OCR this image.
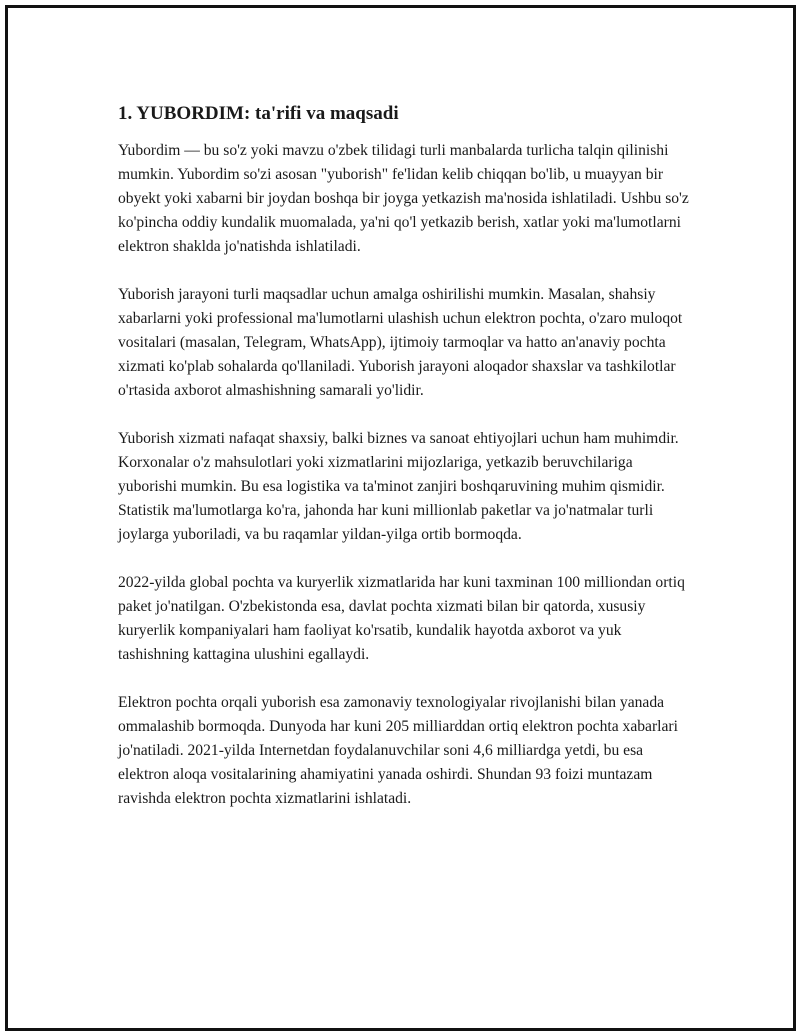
1. YUBORDIM: ta'rifi va maqsadi

Yubordim — bu so'z yoki mavzu o'zbek tilidagi turli manbalarda turlicha talqin qilinishi mumkin. Yubordim so'zi asosan "yuborish" fe'lidan kelib chiqqan bo'lib, u muayyan bir obyekt yoki xabarni bir joydan boshqa bir joyga yetkazish ma'nosida ishlatiladi. Ushbu so'z ko'pincha oddiy kundalik muomalada, ya'ni qo'l yetkazib berish, xatlar yoki ma'lumotlarni elektron shaklda jo'natishda ishlatiladi.

Yuborish jarayoni turli maqsadlar uchun amalga oshirilishi mumkin. Masalan, shahsiy xabarlarni yoki professional ma'lumotlarni ulashish uchun elektron pochta, o'zaro muloqot vositalari (masalan, Telegram, WhatsApp), ijtimoiy tarmoqlar va hatto an'anaviy pochta xizmati ko'plab sohalarda qo'llaniladi. Yuborish jarayoni aloqador shaxslar va tashkilotlar o'rtasida axborot almashishning samarali yo'lidir.

Yuborish xizmati nafaqat shaxsiy, balki biznes va sanoat ehtiyojlari uchun ham muhimdir. Korxonalar o'z mahsulotlari yoki xizmatlarini mijozlariga, yetkazib beruvchilariga yuborishi mumkin. Bu esa logistika va ta'minot zanjiri boshqaruvining muhim qismidir. Statistik ma'lumotlarga ko'ra, jahonda har kuni millionlab paketlar va jo'natmalar turli joylarga yuboriladi, va bu raqamlar yildan-yilga ortib bormoqda.

2022-yilda global pochta va kuryerlik xizmatlarida har kuni taxminan 100 milliondan ortiq paket jo'natilgan. O'zbekistonda esa, davlat pochta xizmati bilan bir qatorda, xususiy kuryerlik kompaniyalari ham faoliyat ko'rsatib, kundalik hayotda axborot va yuk tashishning kattagina ulushini egallaydi.

Elektron pochta orqali yuborish esa zamonaviy texnologiyalar rivojlanishi bilan yanada ommalashib bormoqda. Dunyoda har kuni 205 milliarddan ortiq elektron pochta xabarlari jo'natiladi. 2021-yilda Internetdan foydalanuvchilar soni 4,6 milliardga yetdi, bu esa elektron aloqa vositalarining ahamiyatini yanada oshirdi. Shundan 93 foizi muntazam ravishda elektron pochta xizmatlarini ishlatadi.
